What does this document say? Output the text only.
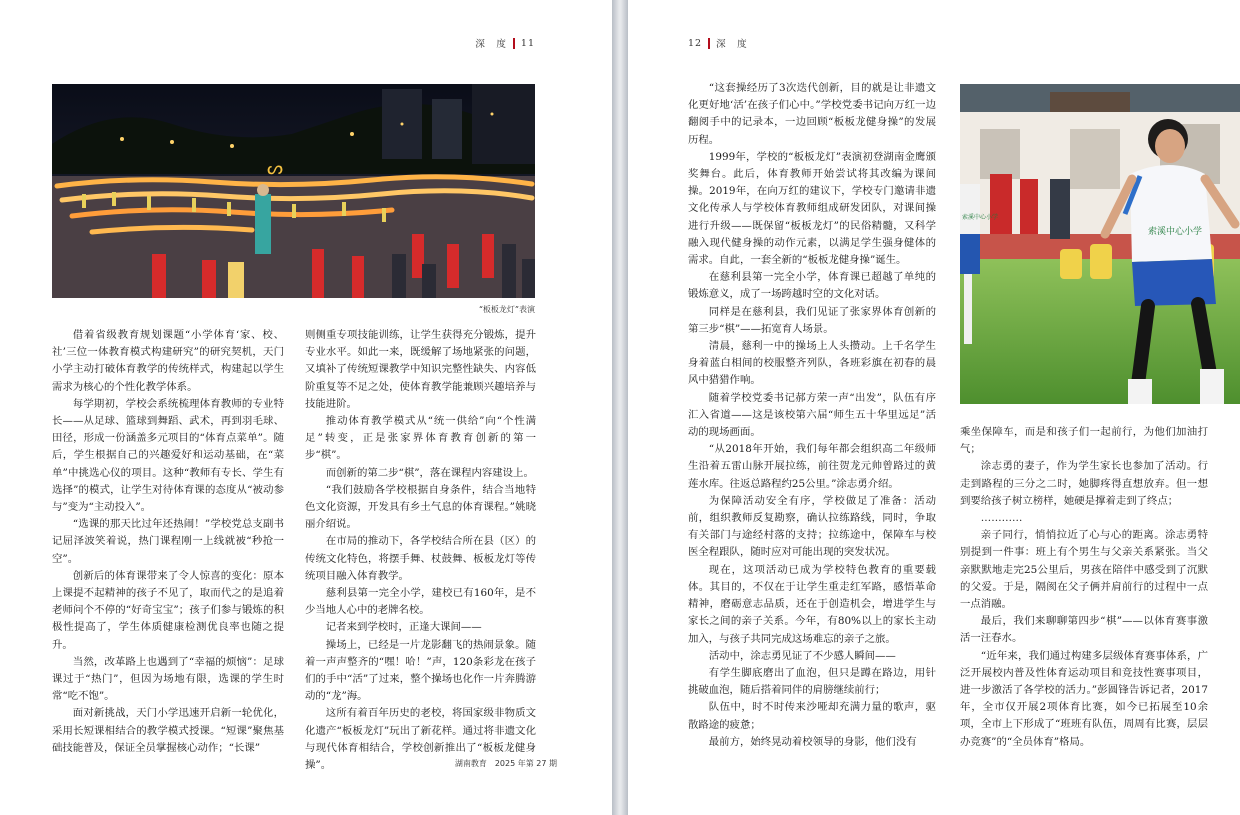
深　度 11
ᔕ
“板板龙灯”表演

借着省级教育规划课题“小学体育‘家、校、社’三位一体教育模式构建研究”的研究契机，天门小学主动打破体育教学的传统样式，构建起以学生需求为核心的个性化教学体系。

每学期初，学校会系统梳理体育教师的专业特长——从足球、篮球到舞蹈、武术，再到羽毛球、田径，形成一份涵盖多元项目的“体育点菜单”。随后，学生根据自己的兴趣爱好和运动基础，在“菜单”中挑选心仪的项目。这种“教师有专长、学生有选择”的模式，让学生对待体育课的态度从“被动参与”变为“主动投入”。

“选课的那天比过年还热闹！”学校党总支副书记屈泽波笑着说，热门课程刚一上线就被“秒抢一空”。

创新后的体育课带来了令人惊喜的变化：原本上课提不起精神的孩子不见了，取而代之的是追着老师问个不停的“好奇宝宝”；孩子们参与锻炼的积极性提高了，学生体质健康检测优良率也随之提升。

当然，改革路上也遇到了“幸福的烦恼”：足球课过于“热门”，但因为场地有限，选课的学生时常“吃不饱”。

面对新挑战，天门小学迅速开启新一轮优化，采用长短课相结合的教学模式授课。“短课”聚焦基础技能普及，保证全员掌握核心动作；“长课”

则侧重专项技能训练，让学生获得充分锻炼，提升专业水平。如此一来，既缓解了场地紧张的问题，又填补了传统短课教学中知识完整性缺失、内容低阶重复等不足之处，使体育教学能兼顾兴趣培养与技能进阶。

推动体育教学模式从“统一供给”向“个性满足”转变，正是张家界体育教育创新的第一步“棋”。

而创新的第二步“棋”，落在课程内容建设上。

“我们鼓励各学校根据自身条件，结合当地特色文化资源，开发具有乡土气息的体育课程。”姚晓丽介绍说。

在市局的推动下，各学校结合所在县（区）的传统文化特色，将摆手舞、杖鼓舞、板板龙灯等传统项目融入体育教学。

慈利县第一完全小学，建校已有160年，是不少当地人心中的老牌名校。

记者来到学校时，正逢大课间——

操场上，已经是一片龙影翻飞的热闹景象。随着一声声整齐的“嘿！哈！”声，120条彩龙在孩子们的手中“活”了过来，整个操场也化作一片奔腾游动的“龙”海。

这所有着百年历史的老校，将国家级非物质文化遗产“板板龙灯”玩出了新花样。通过将非遗文化与现代体育相结合，学校创新推出了“板板龙健身操”。	湖南教育　2025 年第 27 期
12 深　度

“这套操经历了3次迭代创新，目的就是让非遗文化更好地‘活’在孩子们心中。”学校党委书记向万红一边翻阅手中的记录本，一边回顾“板板龙健身操”的发展历程。

1999年，学校的“板板龙灯”表演初登湖南金鹰颁奖舞台。此后，体育教师开始尝试将其改编为课间操。2019年，在向万红的建议下，学校专门邀请非遗文化传承人与学校体育教师组成研发团队，对课间操进行升级——既保留“板板龙灯”的民俗精髓，又科学融入现代健身操的动作元素，以满足学生强身健体的需求。自此，一套全新的“板板龙健身操”诞生。

在慈利县第一完全小学，体育课已超越了单纯的锻炼意义，成了一场跨越时空的文化对话。

同样是在慈利县，我们见证了张家界体育创新的第三步“棋”——拓宽育人场景。

清晨，慈利一中的操场上人头攒动。上千名学生身着蓝白相间的校服整齐列队，各班彩旗在初春的晨风中猎猎作响。

随着学校党委书记郝方荣一声“出发”，队伍有序汇入省道——这是该校第六届“师生五十华里远足”活动的现场画面。

“从2018年开始，我们每年都会组织高二年级师生沿着五雷山脉开展拉练，前往贺龙元帅曾路过的黄莲水库。往返总路程约25公里。”涂志勇介绍。

为保障活动安全有序，学校做足了准备：活动前，组织教师反复勘察，确认拉练路线，同时，争取有关部门与途经村落的支持；拉练途中，保障车与校医全程跟队，随时应对可能出现的突发状况。

现在，这项活动已成为学校特色教育的重要载体。其目的，不仅在于让学生重走红军路，感悟革命精神，磨砺意志品质，还在于创造机会，增进学生与家长之间的亲子关系。今年，有80%以上的家长主动加入，与孩子共同完成这场难忘的亲子之旅。

活动中，涂志勇见证了不少感人瞬间——

有学生脚底磨出了血泡，但只是蹲在路边，用针挑破血泡，随后搭着同伴的肩膀继续前行；

队伍中，时不时传来沙哑却充满力量的歌声，驱散路途的疲惫；

最前方，始终晃动着校领导的身影，他们没有

索溪中心小学
索溪中心小学

乘坐保障车，而是和孩子们一起前行，为他们加油打气；

涂志勇的妻子，作为学生家长也参加了活动。行走到路程的三分之二时，她脚疼得直想放弃。但一想到要给孩子树立榜样，她硬是撑着走到了终点；

…………

亲子同行，悄悄拉近了心与心的距离。涂志勇特别提到一件事：班上有个男生与父亲关系紧张。当父亲默默地走完25公里后，男孩在陪伴中感受到了沉默的父爱。于是，隔阂在父子俩并肩前行的过程中一点一点消融。

最后，我们来聊聊第四步“棋”——以体育赛事激活一汪春水。

“近年来，我们通过构建多层级体育赛事体系，广泛开展校内普及性体育运动项目和竞技性赛事项目，进一步激活了各学校的活力。”彭圆锋告诉记者，2017年，全市仅开展2项体育比赛，如今已拓展至10余项，全市上下形成了“班班有队伍，周周有比赛，层层办竞赛”的“全员体育”格局。
